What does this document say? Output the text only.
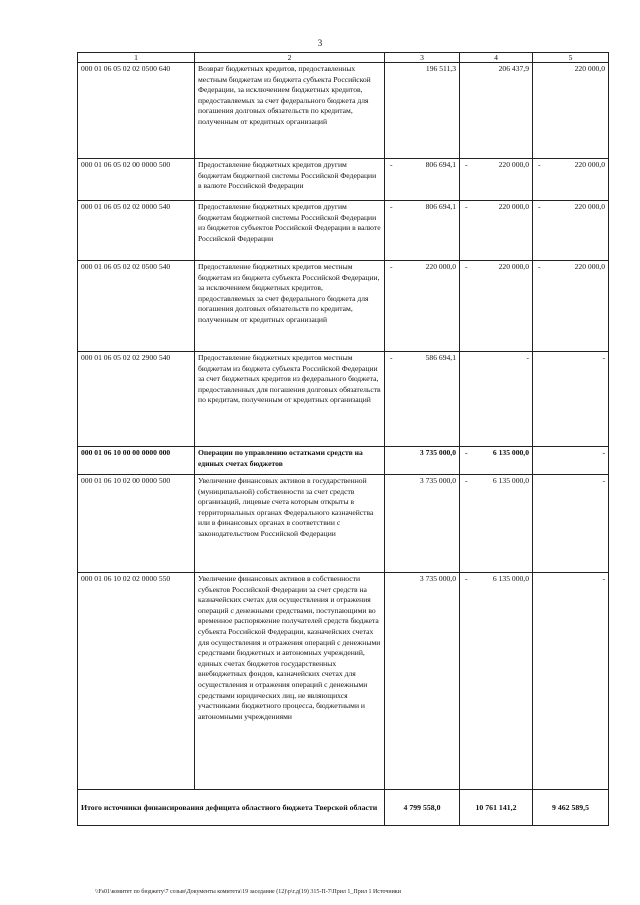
3
1	2	3	4	5
000 01 06 05 02 02 0500 640	Возврат бюджетных кредитов, предоставленных местным бюджетам из бюджета субъекта Российской Федерации, за исключением бюджетных кредитов, предоставляемых за счет федерального бюджета для погашения долговых обязательств по кредитам, полученным от кредитных организаций	196 511,3	206 437,9	220 000,0
000 01 06 05 02 00 0000 500	Предоставление бюджетных кредитов другим бюджетам бюджетной системы Российской Федерации в валюте Российской Федерации	- 806 694,1	- 220 000,0	- 220 000,0
000 01 06 05 02 02 0000 540	Предоставление бюджетных кредитов другим бюджетам бюджетной системы Российской Федерации из бюджетов субъектов Российской Федерации в валюте Российской Федерации	- 806 694,1	- 220 000,0	- 220 000,0
000 01 06 05 02 02 0500 540	Предоставление бюджетных кредитов местным бюджетам из бюджета субъекта Российской Федерации, за исключением бюджетных кредитов, предоставляемых за счет федерального бюджета для погашения долговых обязательств по кредитам, полученным от кредитных организаций	- 220 000,0	- 220 000,0	- 220 000,0
000 01 06 05 02 02 2900 540	Предоставление бюджетных кредитов местным бюджетам из бюджета субъекта Российской Федерации за счет бюджетных кредитов из федерального бюджета, предоставленных для погашения долговых обязательств по кредитам, полученным от кредитных организаций	- 586 694,1	-	-
000 01 06 10 00 00 0000 000	Операции по управлению остатками средств на единых счетах бюджетов	3 735 000,0	- 6 135 000,0	-
000 01 06 10 02 00 0000 500	Увеличение финансовых активов в государственной (муниципальной) собственности за счет средств организаций, лицевые счета которым открыты в территориальных органах Федерального казначейства или в финансовых органах в соответствии с законодательством Российской Федерации	3 735 000,0	- 6 135 000,0	-
000 01 06 10 02 02 0000 550	Увеличение финансовых активов в собственности субъектов Российской Федерации за счет средств на казначейских счетах для осуществления и отражения операций с денежными средствами, поступающими во временное распоряжение получателей средств бюджета субъекта Российской Федерации, казначейских счетах для осуществления и отражения операций с денежными средствами бюджетных и автономных учреждений, единых счетах бюджетов государственных внебюджетных фондов, казначейских счетах для осуществления и отражения операций с денежными средствами юридических лиц, не являющихся участниками бюджетного процесса, бюджетными и автономными учреждениями	3 735 000,0	- 6 135 000,0	-
Итого источники финансирования дефицита областного бюджета Тверской области		4 799 558,0	10 761 141,2	9 462 589,5
\\Fs01\комитет по бюджету\7 созыв\Документы комитета\19 заседание (12)\р\г.д(19) 315-П-7\Прил 1_Прил 1 Источники
